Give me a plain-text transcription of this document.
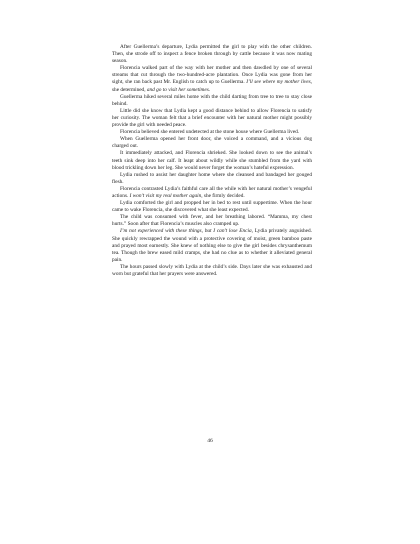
After Guellerma’s departure, Lydia permitted the girl to play with the other children. Then, she strode off to inspect a fence broken through by cattle because it was now mating season.

Florencia walked part of the way with her mother and then dawdled by one of several streams that cut through the two-hundred-acre plantation. Once Lydia was gone from her sight, she ran back past Mr. English to catch up to Guellerma. I’ll see where my mother lives, she determined, and go to visit her sometimes.

Guellerma hiked several miles home with the child darting from tree to tree to stay close behind.

Little did she know that Lydia kept a good distance behind to allow Florencia to satisfy her curiosity. The woman felt that a brief encounter with her natural mother might possibly provide the girl with needed peace.

Florencia believed she entered undetected at the stone house where Guellerma lived.

When Guellerma opened her front door, she voiced a command, and a vicious dog charged out.

It immediately attacked, and Florencia shrieked. She looked down to see the animal’s teeth sink deep into her calf. It leapt about wildly while she stumbled from the yard with blood trickling down her leg. She would never forget the woman’s hateful expression.

Lydia rushed to assist her daughter home where she cleansed and bandaged her gouged flesh.

Florencia contrasted Lydia’s faithful care all the while with her natural mother’s vengeful actions. I won’t visit my real mother again, she firmly decided.

Lydia comforted the girl and propped her in bed to rest until suppertime. When the hour came to wake Florencia, she discovered what she least expected.

The child was consumed with fever, and her breathing labored. “Mamma, my chest hurts.” Soon after that Florencia’s muscles also cramped up.

I’m not experienced with these things, but I can’t lose Encia, Lydia privately anguished. She quickly rewrapped the wound with a protective covering of moist, green bamboo paste and prayed most earnestly. She knew of nothing else to give the girl besides chrysanthemum tea. Though the brew eased mild cramps, she had no clue as to whether it alleviated general pain.

The hours passed slowly with Lydia at the child’s side. Days later she was exhausted and worn but grateful that her prayers were answered.

46
